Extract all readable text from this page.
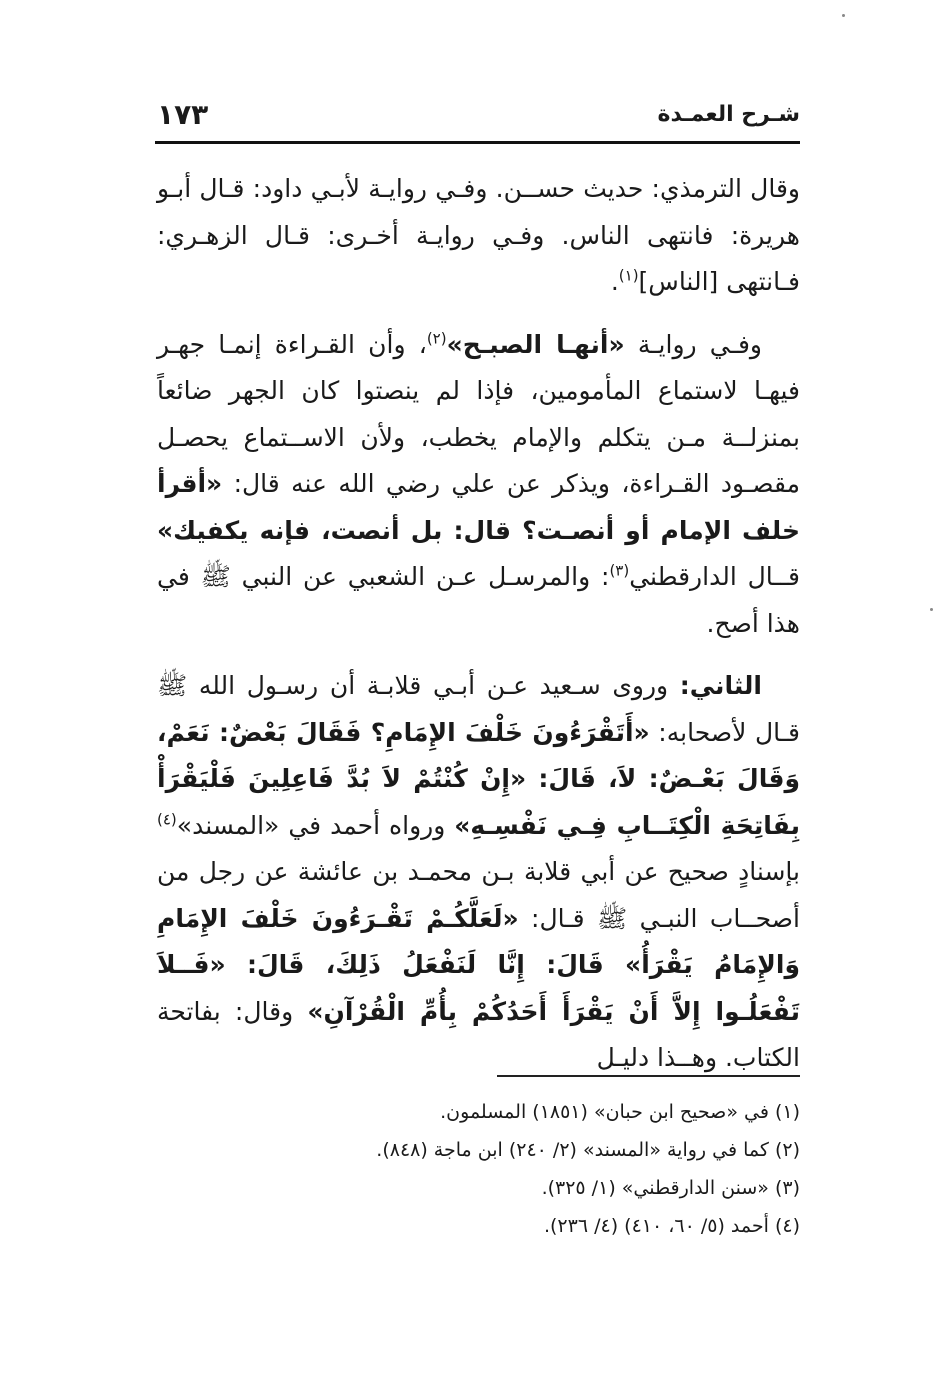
شـرح العمـدة
١٧٣

وقال الترمذي: حديث حســن. وفـي روايـة لأبـي داود: قـال أبـو هريرة: فانتهى الناس. وفـي روايـة أخـرى: قـال الزهـري: فـانتهى [الناس]$^{(١)}$.

وفـي روايـة «أنهـا الصبـح»$^{(٢)}$، وأن القـراءة إنمـا جهـر فيهـا لاستماع المأمومين، فإذا لم ينصتوا كان الجهر ضائعاً بمنزلــة مـن يتكلم والإمام يخطب، ولأن الاســتماع يحصـل مقصـود القـراءة، ويذكر عن علي رضي الله عنه قال: «أقرأ خلف الإمام أو أنصـت؟ قال: بل أنصت، فإنه يكفيك» قــال الدارقطني$^{(٣)}$: والمرسـل عـن الشعبي عن النبي ﷺ في هذا أصح.

الثاني: وروى سـعيد عـن أبـي قلابـة أن رسـول الله ﷺ قـال لأصحابه: «أَتَقْرَءُونَ خَلْفَ الإِمَامِ؟ فَقَالَ بَعْضٌ: نَعَمْ، وَقَالَ بَعْـضٌ: لاَ، قَالَ: «إِنْ كُنْتُمْ لاَ بُدَّ فَاعِلِينَ فَلْيَقْرَأْ بِفَاتِحَةِ الْكِتَــابِ فِـي نَفْسِـهِ» ورواه أحمد في «المسند»$^{(٤)}$ بإسنادٍ صحيح عن أبي قلابة بـن محمـد بن عائشة عن رجل من أصحــاب النبـي ﷺ قـال: «لَعَلَّكُـمْ تَقْـرَءُونَ خَلْفَ الإِمَامِ وَالإِمَامُ يَقْرَأُ» قَالَ: إِنَّا لَنَفْعَلُ ذَلِكَ، قَالَ: «فَــلاَ تَفْعَلُـوا إِلاَّ أَنْ يَقْرَأَ أَحَدُكُمْ بِأُمِّ الْقُرْآنِ» وقال: بفاتحة الكتاب. وهــذا دليـل

(١) في «صحيح ابن حبان» (١٨٥١) المسلمون.
(٢) كما في رواية «المسند» (٢/ ٢٤٠) ابن ماجة (٨٤٨).
(٣) «سنن الدارقطني» (١/ ٣٢٥).
(٤) أحمد (٥/ ٦٠، ٤١٠) (٤/ ٢٣٦).
